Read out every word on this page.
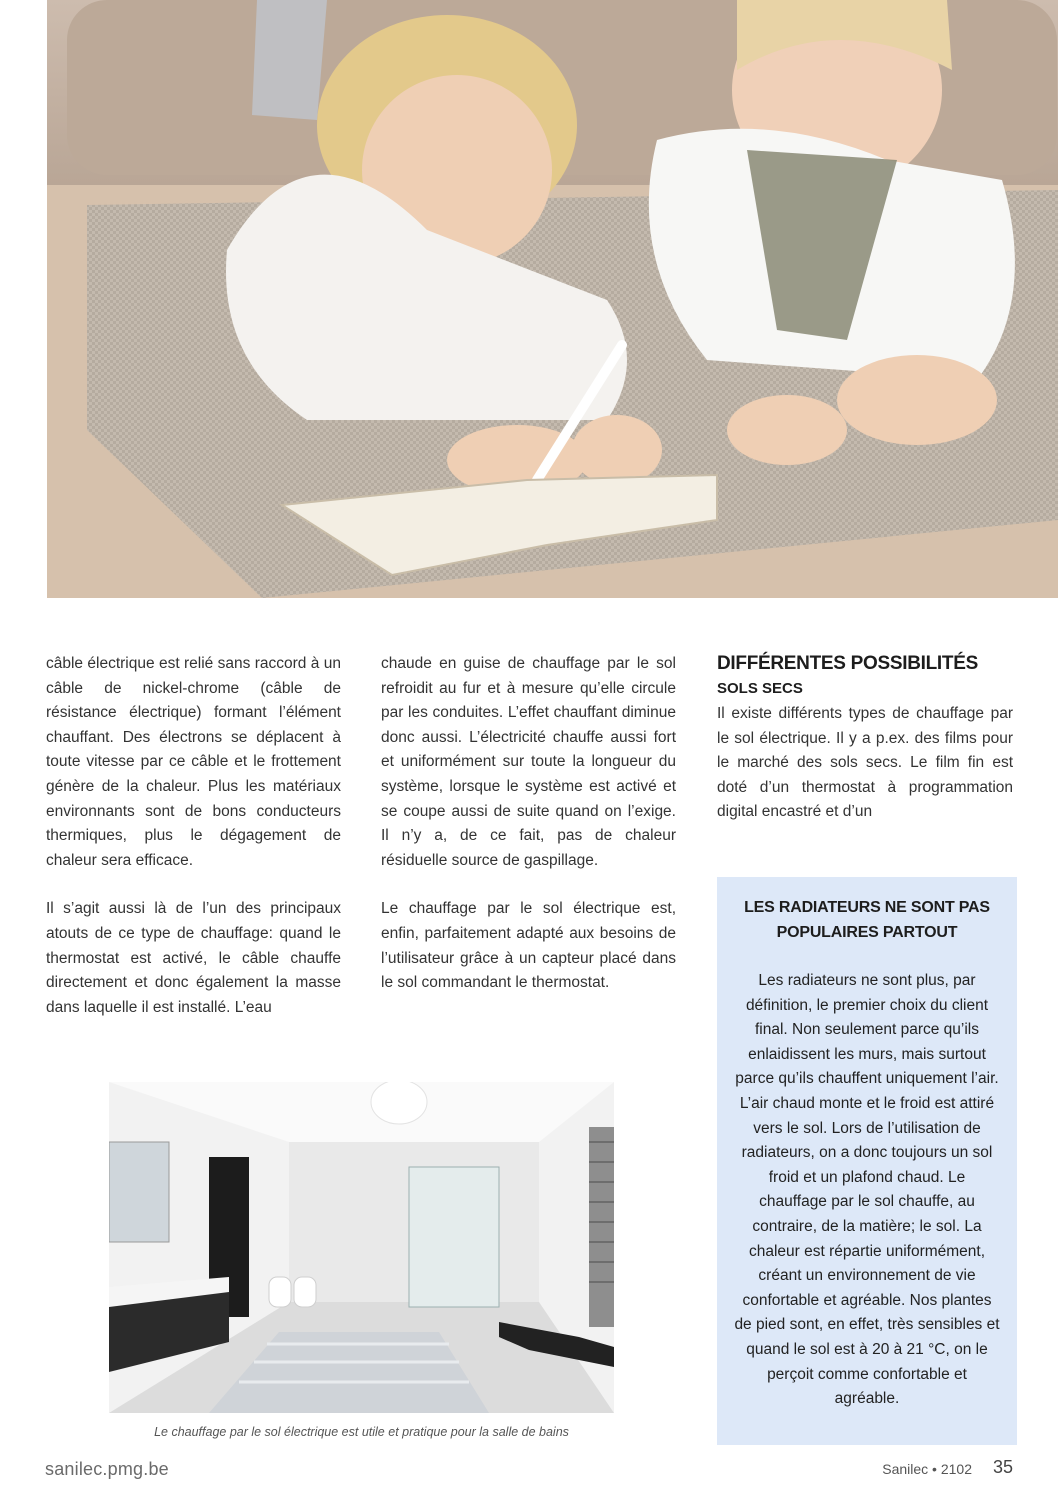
câble électrique est relié sans raccord à un câble de nickel-chrome (câble de résistance électrique) formant l’élément chauffant. Des électrons se déplacent à toute vitesse par ce câble et le frottement génère de la chaleur. Plus les matériaux environnants sont de bons conducteurs thermiques, plus le dégagement de chaleur sera efficace.

Il s’agit aussi là de l’un des principaux atouts de ce type de chauffage: quand le thermostat est activé, le câble chauffe directement et donc également la masse dans laquelle il est installé. L’eau

chaude en guise de chauffage par le sol refroidit au fur et à mesure qu’elle circule par les conduites. L’effet chauffant diminue donc aussi. L’électricité chauffe aussi fort et uniformément sur toute la longueur du système, lorsque le système est activé et se coupe aussi de suite quand on l’exige. Il n’y a, de ce fait, pas de chaleur résiduelle source de gaspillage.

Le chauffage par le sol électrique est, enfin, parfaitement adapté aux besoins de l’utilisateur grâce à un capteur placé dans le sol commandant le thermostat.

DIFFÉRENTES POSSIBILITÉS
SOLS SECS

Il existe différents types de chauffage par le sol électrique. Il y a p.ex. des films pour le marché des sols secs. Le film fin est doté d’un thermostat à programmation digital encastré et d’un

LES RADIATEURS NE SONT PAS POPULAIRES PARTOUT
Les radiateurs ne sont plus, par définition, le premier choix du client final. Non seulement parce qu’ils enlaidissent les murs, mais surtout parce qu’ils chauffent uniquement l’air. L’air chaud monte et le froid est attiré vers le sol. Lors de l’utilisation de radiateurs, on a donc toujours un sol froid et un plafond chaud. Le chauffage par le sol chauffe, au contraire, de la matière; le sol. La chaleur est répartie uniformément, créant un environnement de vie confortable et agréable. Nos plantes de pied sont, en effet, très sensibles et quand le sol est à 20 à 21 °C, on le perçoit comme confortable et agréable.
Le chauffage par le sol électrique est utile et pratique pour la salle de bains
sanilec.pmg.be	Sanilec • 2102 35
